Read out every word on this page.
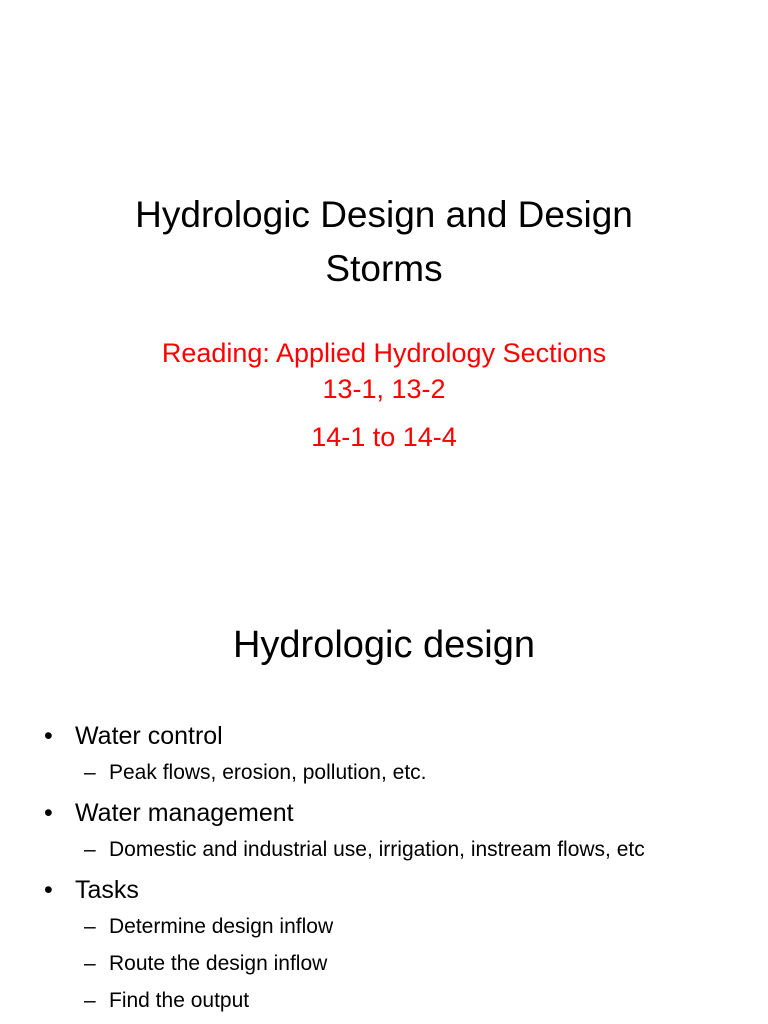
Hydrologic Design and Design
Storms
Reading: Applied Hydrology Sections
13-1, 13-2
14-1 to 14-4
Hydrologic design
• Water control
– Peak flows, erosion, pollution, etc.
• Water management
– Domestic and industrial use, irrigation, instream flows, etc
• Tasks
– Determine design inflow
– Route the design inflow
– Find the output
